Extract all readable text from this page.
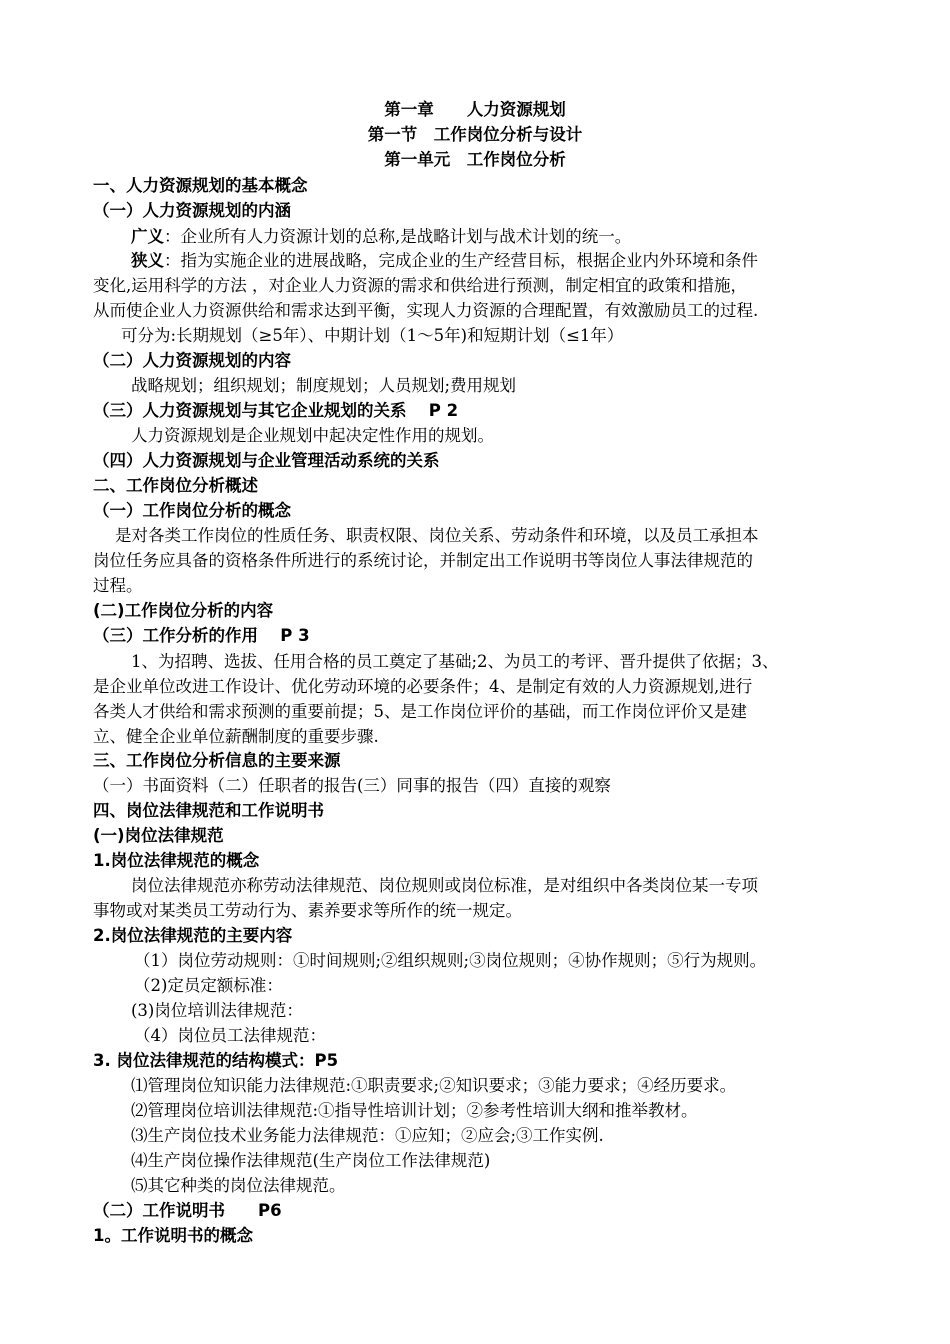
第一章　　人力资源规划
第一节　工作岗位分析与设计
第一单元　工作岗位分析
一、人力资源规划的基本概念
（一）人力资源规划的内涵
广义：企业所有人力资源计划的总称,是战略计划与战术计划的统一。
狭义：指为实施企业的进展战略，完成企业的生产经营目标，根据企业内外环境和条件
变化,运用科学的方法 ，对企业人力资源的需求和供给进行预测，制定相宜的政策和措施，
从而使企业人力资源供给和需求达到平衡，实现人力资源的合理配置，有效激励员工的过程.
可分为:长期规划（≥5年）、中期计划（1～5年)和短期计划（≤1年）
（二）人力资源规划的内容
战略规划；组织规划；制度规划；人员规划;费用规划
（三）人力资源规划与其它企业规划的关系　 P 2
人力资源规划是企业规划中起决定性作用的规划。
（四）人力资源规划与企业管理活动系统的关系
二、工作岗位分析概述
（一）工作岗位分析的概念
是对各类工作岗位的性质任务、职责权限、岗位关系、劳动条件和环境，以及员工承担本
岗位任务应具备的资格条件所进行的系统讨论，并制定出工作说明书等岗位人事法律规范的
过程。
(二)工作岗位分析的内容
（三）工作分析的作用　 P 3
1、为招聘、选拔、任用合格的员工奠定了基础;2、为员工的考评、晋升提供了依据；3、
是企业单位改进工作设计、优化劳动环境的必要条件；4、是制定有效的人力资源规划,进行
各类人才供给和需求预测的重要前提；5、是工作岗位评价的基础，而工作岗位评价又是建
立、健全企业单位薪酬制度的重要步骤.
三、工作岗位分析信息的主要来源
（一）书面资料（二）任职者的报告(三）同事的报告（四）直接的观察
四、岗位法律规范和工作说明书
(一)岗位法律规范
1.岗位法律规范的概念
岗位法律规范亦称劳动法律规范、岗位规则或岗位标准，是对组织中各类岗位某一专项
事物或对某类员工劳动行为、素养要求等所作的统一规定。
2.岗位法律规范的主要内容
（1）岗位劳动规则：①时间规则;②组织规则;③岗位规则；④协作规则；⑤行为规则。
（2)定员定额标准：
(3)岗位培训法律规范：
（4）岗位员工法律规范：
3. 岗位法律规范的结构模式：P5
⑴管理岗位知识能力法律规范:①职责要求;②知识要求；③能力要求；④经历要求。
⑵管理岗位培训法律规范:①指导性培训计划；②参考性培训大纲和推举教材。
⑶生产岗位技术业务能力法律规范：①应知；②应会;③工作实例.
⑷生产岗位操作法律规范(生产岗位工作法律规范)
⑸其它种类的岗位法律规范。
（二）工作说明书　　P6
1。工作说明书的概念
